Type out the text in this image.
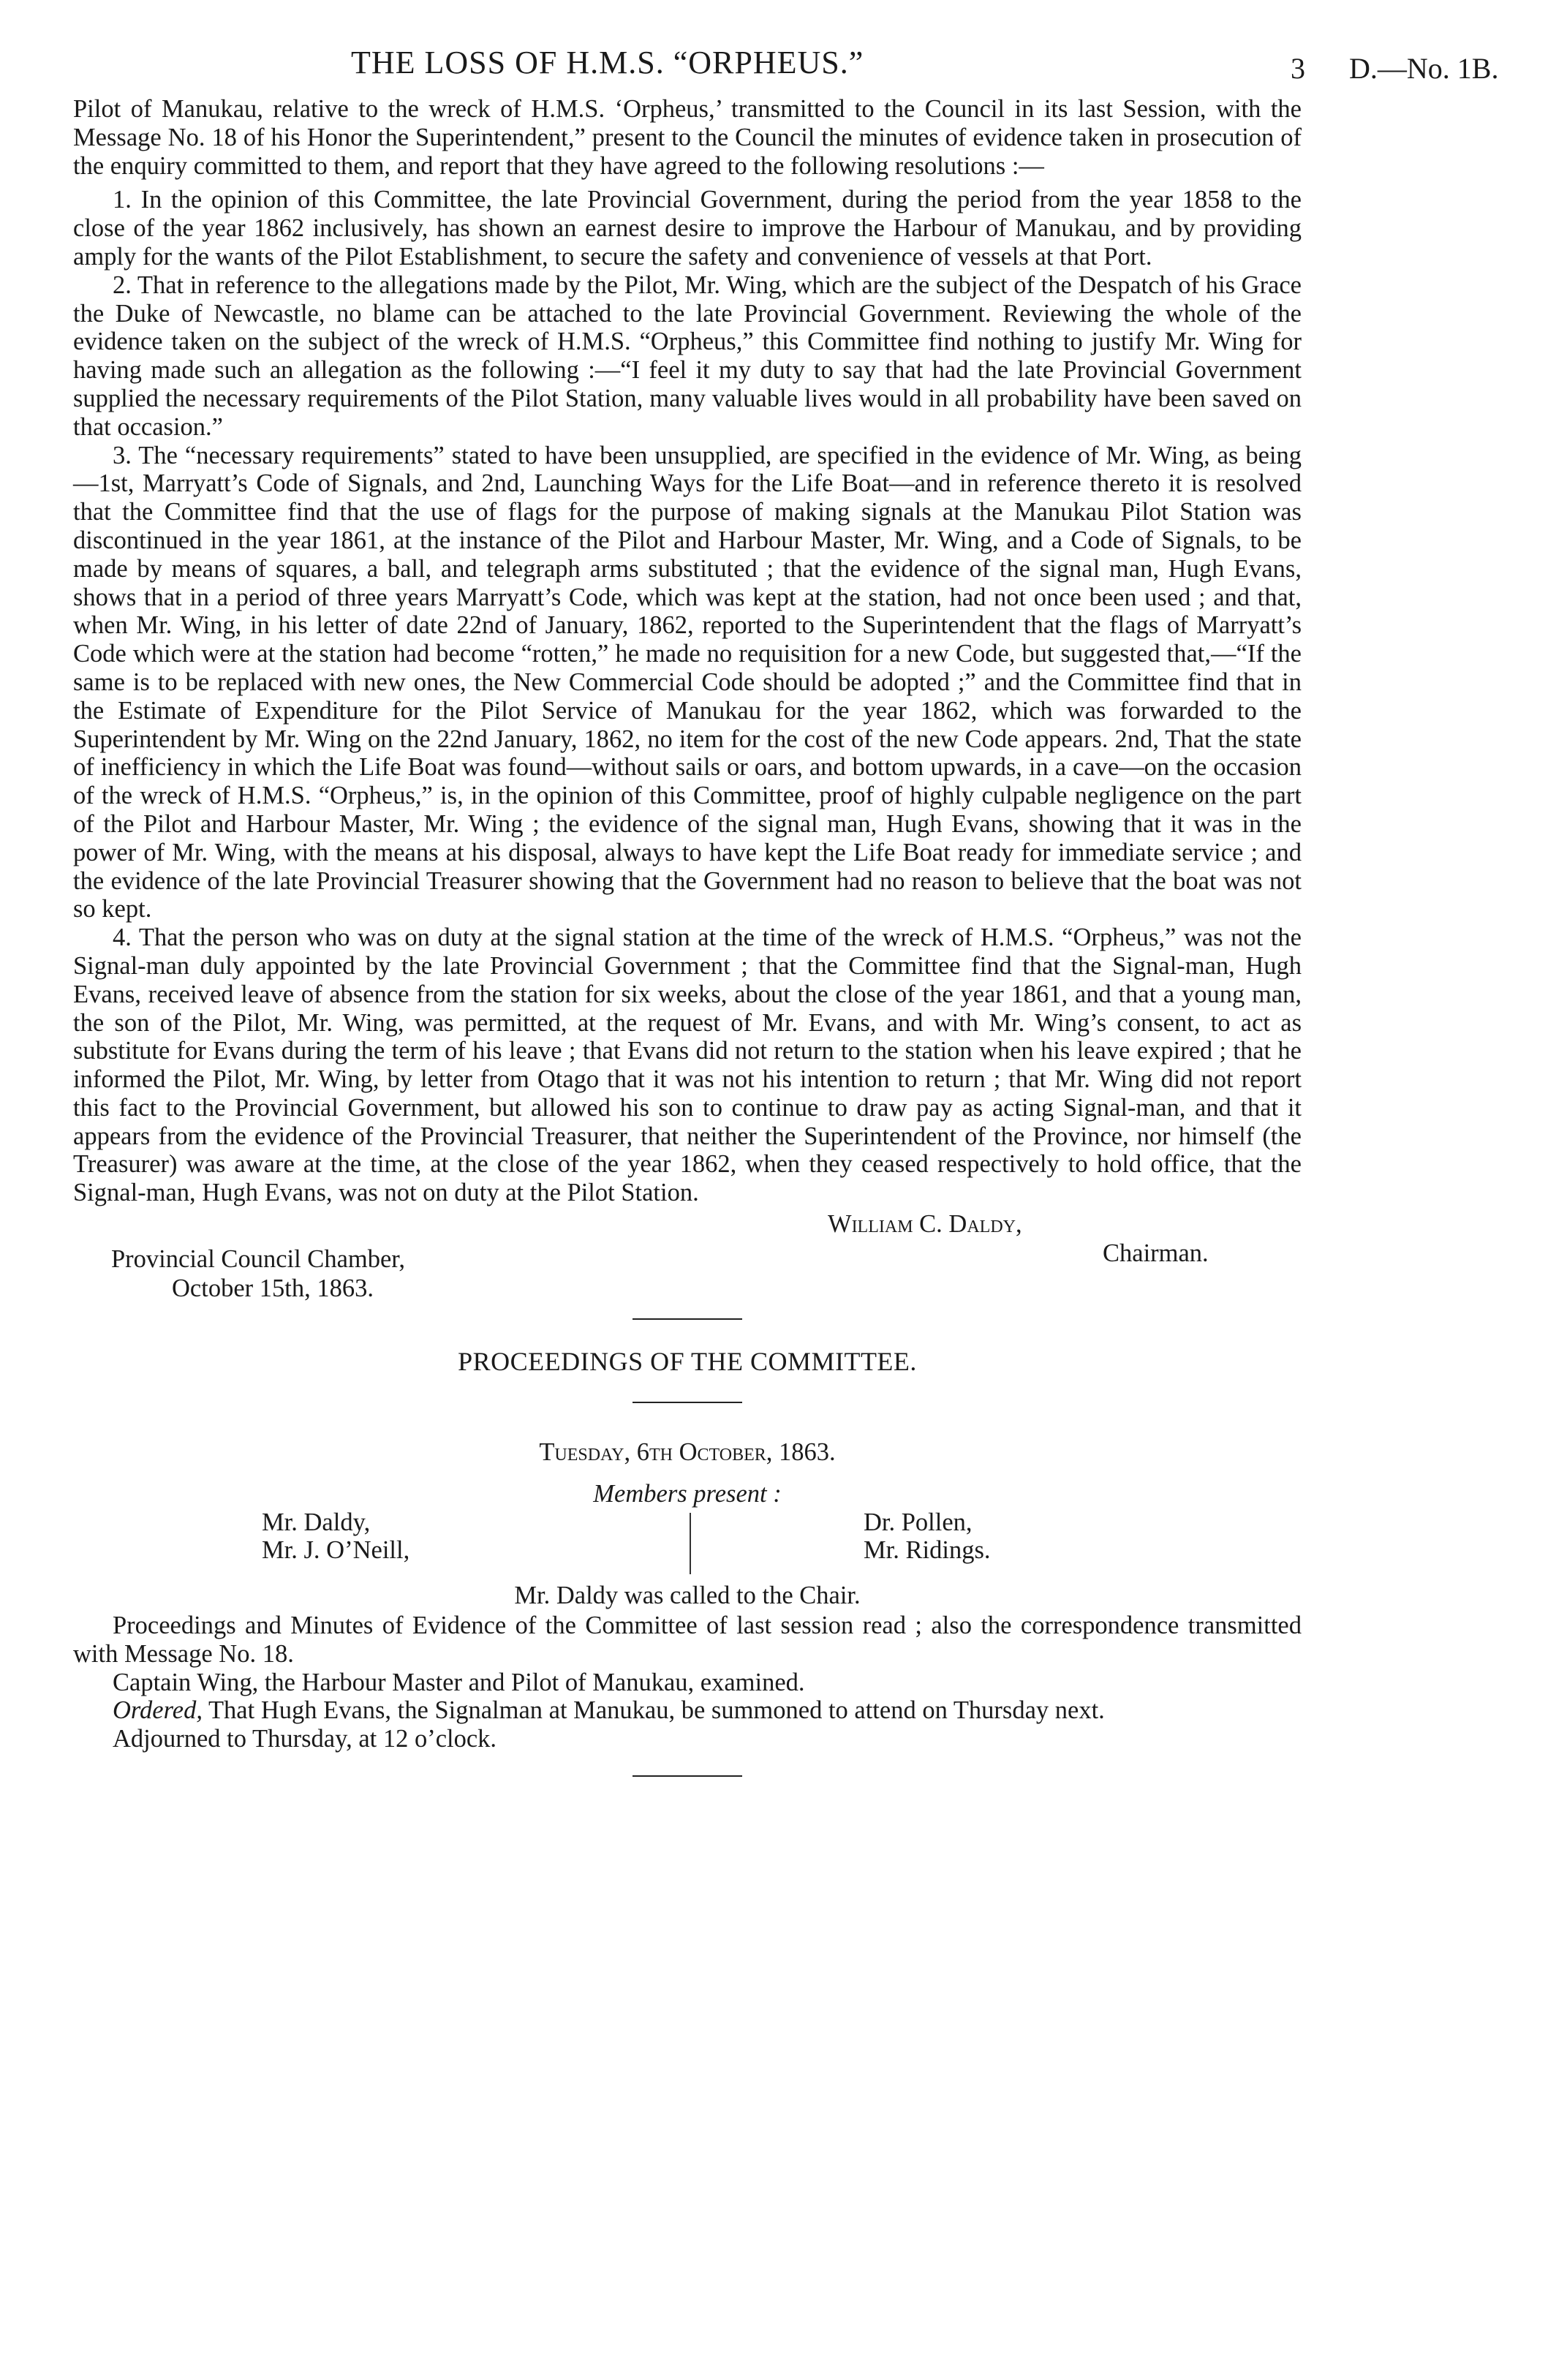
THE LOSS OF H.M.S. “ORPHEUS.”	3 D.—No. 1B.

Pilot of Manukau, relative to the wreck of H.M.S. ‘Orpheus,’ transmitted to the Council in its last Session, with the Message No. 18 of his Honor the Superintendent,” present to the Council the minutes of evidence taken in prosecution of the enquiry committed to them, and report that they have agreed to the following resolutions :—

1. In the opinion of this Committee, the late Provincial Government, during the period from the year 1858 to the close of the year 1862 inclusively, has shown an earnest desire to improve the Harbour of Manukau, and by providing amply for the wants of the Pilot Establishment, to secure the safety and convenience of vessels at that Port.

2. That in reference to the allegations made by the Pilot, Mr. Wing, which are the subject of the Despatch of his Grace the Duke of Newcastle, no blame can be attached to the late Provincial Government. Reviewing the whole of the evidence taken on the subject of the wreck of H.M.S. “Orpheus,” this Committee find nothing to justify Mr. Wing for having made such an allegation as the following :—“I feel it my duty to say that had the late Provincial Government supplied the necessary requirements of the Pilot Station, many valuable lives would in all probability have been saved on that occasion.”

3. The “necessary requirements” stated to have been unsupplied, are specified in the evidence of Mr. Wing, as being—1st, Marryatt’s Code of Signals, and 2nd, Launching Ways for the Life Boat—and in reference thereto it is resolved that the Committee find that the use of flags for the purpose of making signals at the Manukau Pilot Station was discontinued in the year 1861, at the instance of the Pilot and Harbour Master, Mr. Wing, and a Code of Signals, to be made by means of squares, a ball, and telegraph arms substituted ; that the evidence of the signal man, Hugh Evans, shows that in a period of three years Marryatt’s Code, which was kept at the station, had not once been used ; and that, when Mr. Wing, in his letter of date 22nd of January, 1862, reported to the Superintendent that the flags of Marryatt’s Code which were at the station had become “rotten,” he made no requisition for a new Code, but suggested that,—“If the same is to be replaced with new ones, the New Commercial Code should be adopted ;” and the Committee find that in the Estimate of Expenditure for the Pilot Service of Manukau for the year 1862, which was forwarded to the Superintendent by Mr. Wing on the 22nd January, 1862, no item for the cost of the new Code appears. 2nd, That the state of inefficiency in which the Life Boat was found—without sails or oars, and bottom upwards, in a cave—on the occasion of the wreck of H.M.S. “Orpheus,” is, in the opinion of this Committee, proof of highly culpable negligence on the part of the Pilot and Harbour Master, Mr. Wing ; the evidence of the signal man, Hugh Evans, showing that it was in the power of Mr. Wing, with the means at his disposal, always to have kept the Life Boat ready for immediate service ; and the evidence of the late Provincial Treasurer showing that the Government had no reason to believe that the boat was not so kept.

4. That the person who was on duty at the signal station at the time of the wreck of H.M.S. “Orpheus,” was not the Signal-man duly appointed by the late Provincial Government ; that the Committee find that the Signal-man, Hugh Evans, received leave of absence from the station for six weeks, about the close of the year 1861, and that a young man, the son of the Pilot, Mr. Wing, was permitted, at the request of Mr. Evans, and with Mr. Wing’s consent, to act as substitute for Evans during the term of his leave ; that Evans did not return to the station when his leave expired ; that he informed the Pilot, Mr. Wing, by letter from Otago that it was not his intention to return ; that Mr. Wing did not report this fact to the Provincial Government, but allowed his son to continue to draw pay as acting Signal-man, and that it appears from the evidence of the Provincial Treasurer, that neither the Superintendent of the Province, nor himself (the Treasurer) was aware at the time, at the close of the year 1862, when they ceased respectively to hold office, that the Signal-man, Hugh Evans, was not on duty at the Pilot Station.

William C. Daldy,
Chairman.
Provincial Council Chamber,
October 15th, 1863.
PROCEEDINGS OF THE COMMITTEE.
Tuesday, 6th October, 1863.
Members present :
Mr. Daldy,
Mr. J. O’Neill,
Dr. Pollen,
Mr. Ridings.
Mr. Daldy was called to the Chair.

Proceedings and Minutes of Evidence of the Committee of last session read ; also the correspondence transmitted with Message No. 18.

Captain Wing, the Harbour Master and Pilot of Manukau, examined.

Ordered, That Hugh Evans, the Signalman at Manukau, be summoned to attend on Thursday next.

Adjourned to Thursday, at 12 o’clock.
